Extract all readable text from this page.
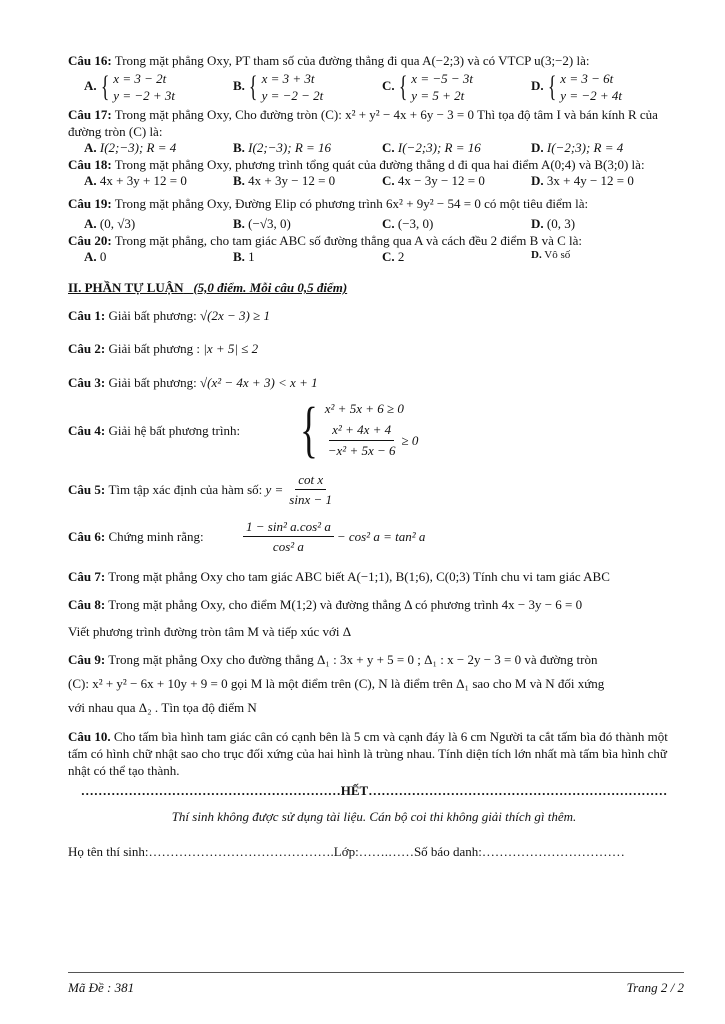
Câu 16: Trong mặt phẳng Oxy, PT tham số của đường thẳng đi qua A(−2;3) và có VTCP u(3;−2) là:

A. { x = 3 − 2t
y = −2 + 3t
B. { x = 3 + 3t
y = −2 − 2t
C. { x = −5 − 3t
y = 5 + 2t
D. { x = 3 − 6t
y = −2 + 4t

Câu 17: Trong mặt phẳng Oxy, Cho đường tròn (C): x² + y² − 4x + 6y − 3 = 0 Thì tọa độ tâm I và bán kính R của đường tròn (C) là:

A. I(2;−3); R = 4	B. I(2;−3); R = 16	C. I(−2;3); R = 16	D. I(−2;3); R = 4

Câu 18: Trong mặt phẳng Oxy, phương trình tổng quát của đường thẳng d đi qua hai điểm A(0;4) và B(3;0) là:

A. 4x + 3y + 12 = 0	B. 4x + 3y − 12 = 0	C. 4x − 3y − 12 = 0	D. 3x + 4y − 12 = 0

Câu 19: Trong mặt phẳng Oxy, Đường Elip có phương trình 6x² + 9y² − 54 = 0 có một tiêu điểm là:

A. (0, √3)	B. (−√3, 0)	C. (−3, 0)	D. (0, 3)

Câu 20: Trong mặt phẳng, cho tam giác ABC số đường thẳng qua A và cách đều 2 điểm B và C là:

A. 0	B. 1	C. 2	D. Vô số

II. PHẦN TỰ LUẬN (5,0 điểm. Mỗi câu 0,5 điểm)

Câu 1: Giải bất phương: √(2x − 3) ≥ 1

Câu 2: Giải bất phương : |x + 5| ≤ 2

Câu 3: Giải bất phương: √(x² − 4x + 3) < x + 1

Câu 4: Giải hệ bất phương trình: { x² + 5x + 6 ≥ 0
$\frac{\text{x² + 4x + 4}}{\text{−x² + 5x − 6}} \ge 0$
Câu 5:
Tìm tập xác định của hàm số:
$y = \frac{\text{cot x}}{\sin x - 1}$
Câu 6: Chứng minh rằng:	$\frac{\text{1 − sin² a.cos² a}}{\text{cos² a}} - \cos^2$ a = tan² a

Câu 7: Trong mặt phẳng Oxy cho tam giác ABC biết A(−1;1), B(1;6), C(0;3) Tính chu vi tam giác ABC

Câu 8: Trong mặt phẳng Oxy, cho điểm M(1;2) và đường thẳng Δ có phương trình 4x − 3y − 6 = 0

Viết phương trình đường tròn tâm M và tiếp xúc với Δ

Câu 9: Trong mặt phẳng Oxy cho đường thẳng Δ₁ : 3x + y + 5 = 0 ; Δ₁ : x − 2y − 3 = 0 và đường tròn

(C): x² + y² − 6x + 10y + 9 = 0 gọi M là một điểm trên (C), N là điểm trên Δ₁ sao cho M và N đối xứng

với nhau qua Δ₂ . Tìn tọa độ điểm N

Câu 10. Cho tấm bìa hình tam giác cân có cạnh bên là 5 cm và cạnh đáy là 6 cm Người ta cắt tấm bìa đó thành một tấm có hình chữ nhật sao cho trục đối xứng của hai hình là trùng nhau. Tính diện tích lớn nhất mà tấm bìa hình chữ nhật có thể tạo thành.

……………………………………………………HẾT……………………………………………………………
Thí sinh không được sử dụng tài liệu. Cán bộ coi thi không giải thích gì thêm.

Họ tên thí sinh:…………………………………….Lớp:…….……Số báo danh:……………………………

Mã Đề : 381	Trang 2 / 2
